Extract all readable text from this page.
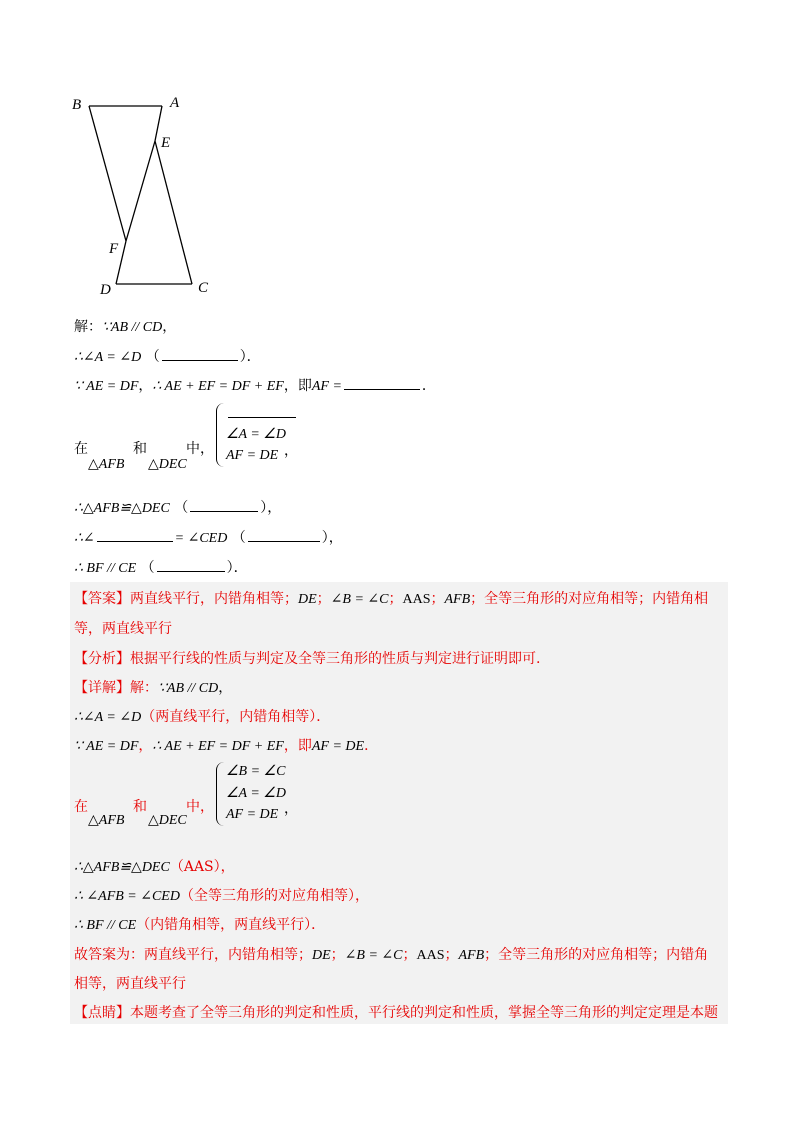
B	A
E
F
D	C
解：∵AB // CD，
∴∠A = ∠D （	）．
∵ AE = DF，∴ AE + EF = DF + EF，即AF =	．
在
△AFB
和
△DEC
中，
∠A = ∠D
AF = DE ，
∴△AFB≌△DEC （	），
∴∠	= ∠CED （	），
∴ BF // CE （	）．
【答案】两直线平行，内错角相等；DE；∠B = ∠C；AAS；AFB；全等三角形的对应角相等；内错角相
等，两直线平行
【分析】根据平行线的性质与判定及全等三角形的性质与判定进行证明即可.
【详解】解：∵AB // CD，
∴∠A = ∠D（两直线平行，内错角相等）．
∵ AE = DF，∴ AE + EF = DF + EF，即AF = DE．
在
△AFB
和
△DEC
中，
∠B = ∠C
∠A = ∠D
AF = DE ，
∴△AFB≌△DEC（AAS），
∴ ∠AFB = ∠CED（全等三角形的对应角相等），
∴ BF // CE（内错角相等，两直线平行）．
故答案为：两直线平行，内错角相等；DE；∠B = ∠C；AAS；AFB；全等三角形的对应角相等；内错角
相等，两直线平行
【点睛】本题考查了全等三角形的判定和性质，平行线的判定和性质，掌握全等三角形的判定定理是本题
